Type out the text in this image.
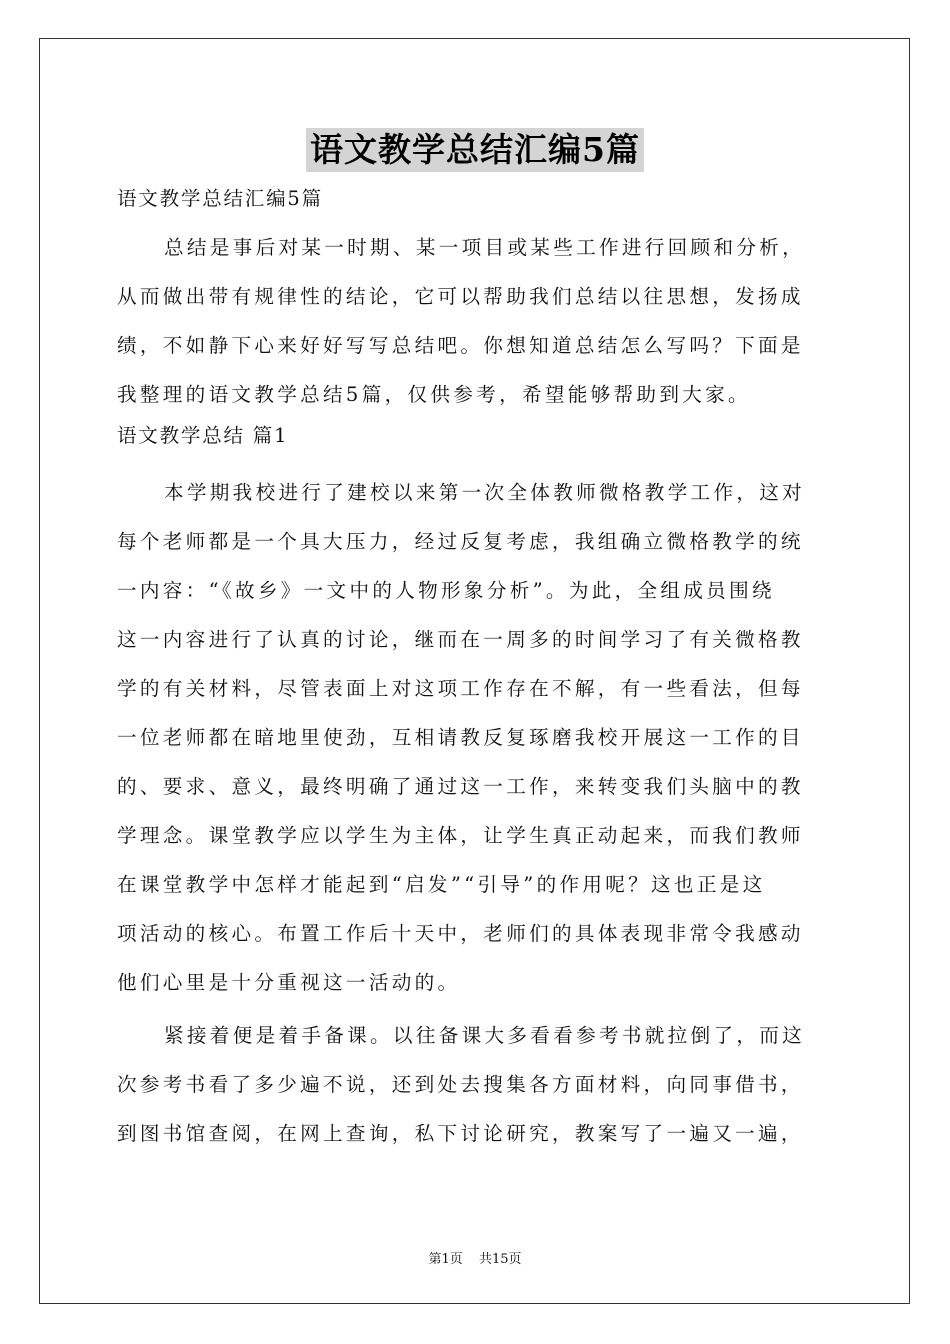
语文教学总结汇编5篇
语文教学总结汇编5篇
总结是事后对某一时期、某一项目或某些工作进行回顾和分析，
从而做出带有规律性的结论，它可以帮助我们总结以往思想，发扬成
绩，不如静下心来好好写写总结吧。你想知道总结怎么写吗？下面是
我整理的语文教学总结5篇，仅供参考，希望能够帮助到大家。
语文教学总结 篇1
本学期我校进行了建校以来第一次全体教师微格教学工作，这对
每个老师都是一个具大压力，经过反复考虑，我组确立微格教学的统
一内容：“《故乡》一文中的人物形象分析”。为此，全组成员围绕
这一内容进行了认真的讨论，继而在一周多的时间学习了有关微格教
学的有关材料，尽管表面上对这项工作存在不解，有一些看法，但每
一位老师都在暗地里使劲，互相请教反复琢磨我校开展这一工作的目
的、要求、意义，最终明确了通过这一工作，来转变我们头脑中的教
学理念。课堂教学应以学生为主体，让学生真正动起来，而我们教师
在课堂教学中怎样才能起到“启发”“引导”的作用呢？这也正是这
项活动的核心。布置工作后十天中，老师们的具体表现非常令我感动
他们心里是十分重视这一活动的。
紧接着便是着手备课。以往备课大多看看参考书就拉倒了，而这
次参考书看了多少遍不说，还到处去搜集各方面材料，向同事借书，
到图书馆查阅，在网上查询，私下讨论研究，教案写了一遍又一遍，
第1页 共15页
